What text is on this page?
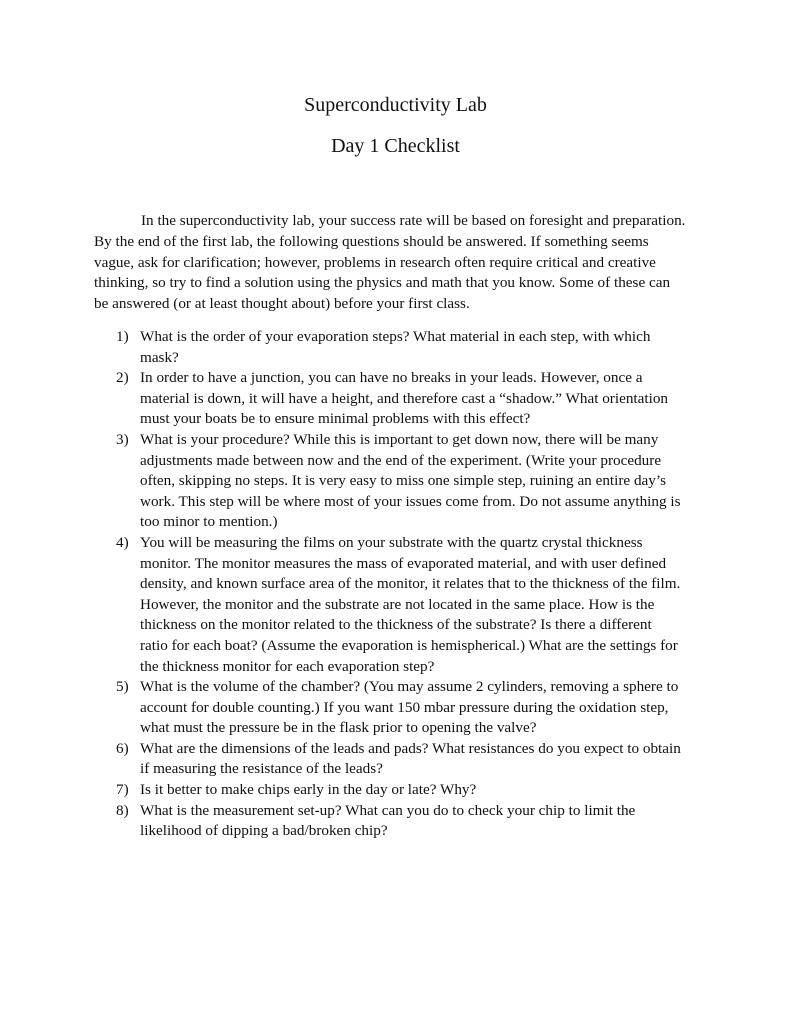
Superconductivity Lab
Day 1 Checklist

In the superconductivity lab, your success rate will be based on foresight and preparation.
By the end of the first lab, the following questions should be answered. If something seems
vague, ask for clarification; however, problems in research often require critical and creative
thinking, so try to find a solution using the physics and math that you know. Some of these can
be answered (or at least thought about) before your first class.

1) What is the order of your evaporation steps? What material in each step, with which
mask?
2) In order to have a junction, you can have no breaks in your leads. However, once a
material is down, it will have a height, and therefore cast a “shadow.” What orientation
must your boats be to ensure minimal problems with this effect?
3) What is your procedure? While this is important to get down now, there will be many
adjustments made between now and the end of the experiment. (Write your procedure
often, skipping no steps. It is very easy to miss one simple step, ruining an entire day’s
work. This step will be where most of your issues come from. Do not assume anything is
too minor to mention.)
4) You will be measuring the films on your substrate with the quartz crystal thickness
monitor. The monitor measures the mass of evaporated material, and with user defined
density, and known surface area of the monitor, it relates that to the thickness of the film.
However, the monitor and the substrate are not located in the same place. How is the
thickness on the monitor related to the thickness of the substrate? Is there a different
ratio for each boat? (Assume the evaporation is hemispherical.) What are the settings for
the thickness monitor for each evaporation step?
5) What is the volume of the chamber? (You may assume 2 cylinders, removing a sphere to
account for double counting.) If you want 150 mbar pressure during the oxidation step,
what must the pressure be in the flask prior to opening the valve?
6) What are the dimensions of the leads and pads? What resistances do you expect to obtain
if measuring the resistance of the leads?
7) Is it better to make chips early in the day or late? Why?
8) What is the measurement set-up? What can you do to check your chip to limit the
likelihood of dipping a bad/broken chip?
